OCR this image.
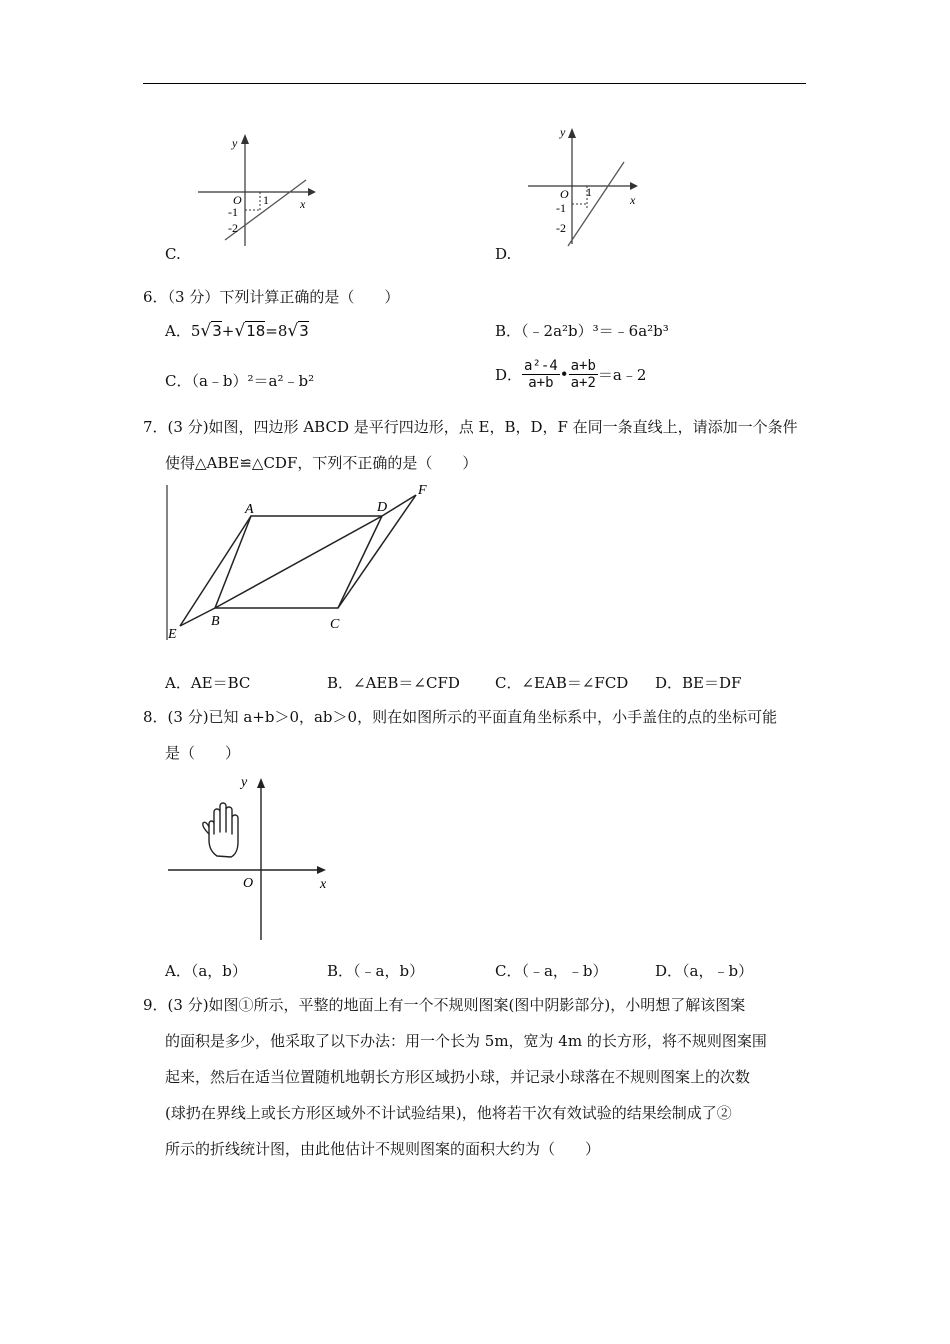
y
x
O 1
-1
-2
C.
y
x
O 1
-1
-2
D.
6．（3 分）下列计算正确的是（　　）
A．5√3+√18=8√3	B．（﹣2a²b）³＝﹣6a²b³
C．（a﹣b）²＝a²﹣b²	D． $\frac{\text{a²-4}}{a+b}$ • $\frac{a+b}{a+2}$ ＝a﹣2
7．(3 分)如图，四边形 ABCD 是平行四边形，点 E，B，D，F 在同一条直线上，请添加一个条件
使得△ABE≌△CDF，下列不正确的是（　　）
A	D
F
B	C
E
A．AE＝BC	B．∠AEB＝∠CFD C．∠EAB＝∠FCD D．BE＝DF
8．(3 分)已知 a+b＞0，ab＞0，则在如图所示的平面直角坐标系中，小手盖住的点的坐标可能
是（　　）
y
x
O
A．（a，b）	B．（﹣a，b）	C．（﹣a，﹣b）	D．（a，﹣b）
9．(3 分)如图①所示，平整的地面上有一个不规则图案(图中阴影部分)，小明想了解该图案
的面积是多少，他采取了以下办法：用一个长为 5m，宽为 4m 的长方形，将不规则图案围
起来，然后在适当位置随机地朝长方形区域扔小球，并记录小球落在不规则图案上的次数
(球扔在界线上或长方形区域外不计试验结果)，他将若干次有效试验的结果绘制成了②
所示的折线统计图，由此他估计不规则图案的面积大约为（　　）
